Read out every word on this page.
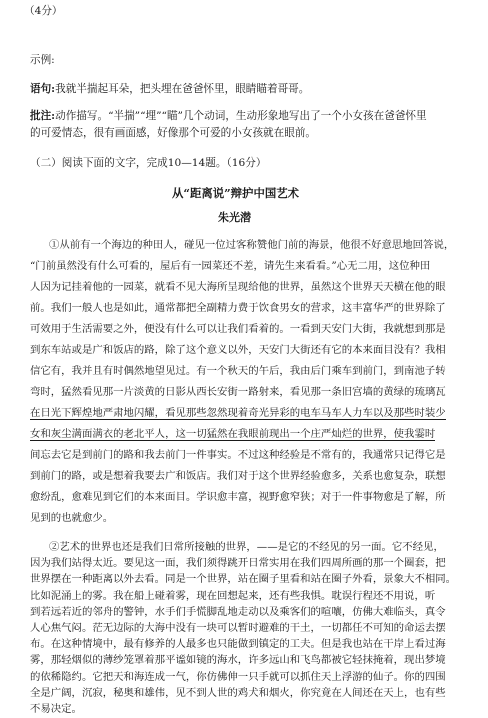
（4分）
示例:
语句:我就半揣起耳朵，把头埋在爸爸怀里，眼睛瞄着哥哥。
批注:动作描写。“半揣”“埋”“瞄”几个动词，生动形象地写出了一个小女孩在爸爸怀里
的可爱情态，很有画面感，好像那个可爱的小女孩就在眼前。
（二）阅读下面的文字，完成10—14题。（16分）
从“距离说”辩护中国艺术
朱光潜
①从前有一个海边的种田人，碰见一位过客称赞他门前的海景，他很不好意思地回答说，
“门前虽然没有什么可看的，屋后有一园菜还不差，请先生来看看。”心无二用，这位种田
人因为记挂着他的一园菜，就看不见大海所呈现给他的世界，虽然这个世界天天横在他的眼
前。我们一般人也是如此，通常都把全副精力费于饮食男女的营求，这丰富华严的世界除了
可效用于生活需要之外，便没有什么可以让我们看着的。一看到天安门大街，我就想到那是
到东车站或是广和饭店的路，除了这个意义以外，天安门大街还有它的本来面目没有？我相
信它有，我并且有时偶然地望见过。有一个秋天的午后，我由后门乘车到前门，到南池子转
弯时，猛然看见那一片淡黄的日影从西长安街一路射来，看见那一条旧宫墙的黄绿的琉璃瓦
在日光下辉煌地严肃地闪耀，看见那些忽然现着奇光异彩的电车马车人力车以及那些时装少
女和灰尘满面满衣的老北平人，这一切猛然在我眼前现出一个庄严灿烂的世界，使我霎时
间忘去它是到前门的路和我去前门一件事实。不过这种经验是不常有的，我通常只记得它是
到前门的路，或是想着我要去广和饭店。我们对于这个世界经验愈多，关系也愈复杂，联想
愈纷乱，愈难见到它们的本来面目。学识愈丰富，视野愈窄狭；对于一件事物愈是了解，所
见到的也就愈少。
②艺术的世界也还是我们日常所接触的世界，——是它的不经见的另一面。它不经见，
因为我们站得太近。要见这一面，我们须得跳开日常实用在我们四周所画的那一个圈套，把
世界摆在一种距离以外去看。同是一个世界，站在圈子里看和站在圈子外看，景象大不相同。
比如泥涌上的雾。我在船上碰着雾，现在回想起来，还有些我惧。耽误行程还不用说，听
到若远若近的邻舟的警钟，水手们手慌脚乱地走动以及乘客们的喧嚷，仿佛大难临头，真令
人心焦气闷。茫无边际的大海中没有一块可以暂时避难的干土，一切都任不可知的命运去摆
布。在这种情境中，最有修养的人最多也只能做到镇定的工夫。但是我也站在干岸上看过海
雾，那轻烟似的薄纱笼罩着那平谧如镜的海水，许多远山和飞鸟都被它轻抹掩着，现出梦境
的依稀隐约。它把天和海连成一气，你仿佛伸一只手就可以抓住天上浮游的仙子。你的四围
全是广阔，沉寂，秘奥和雄伟，见不到人世的鸡犬和烟火，你究竟在人间还在天上，也有些
不易决定。
